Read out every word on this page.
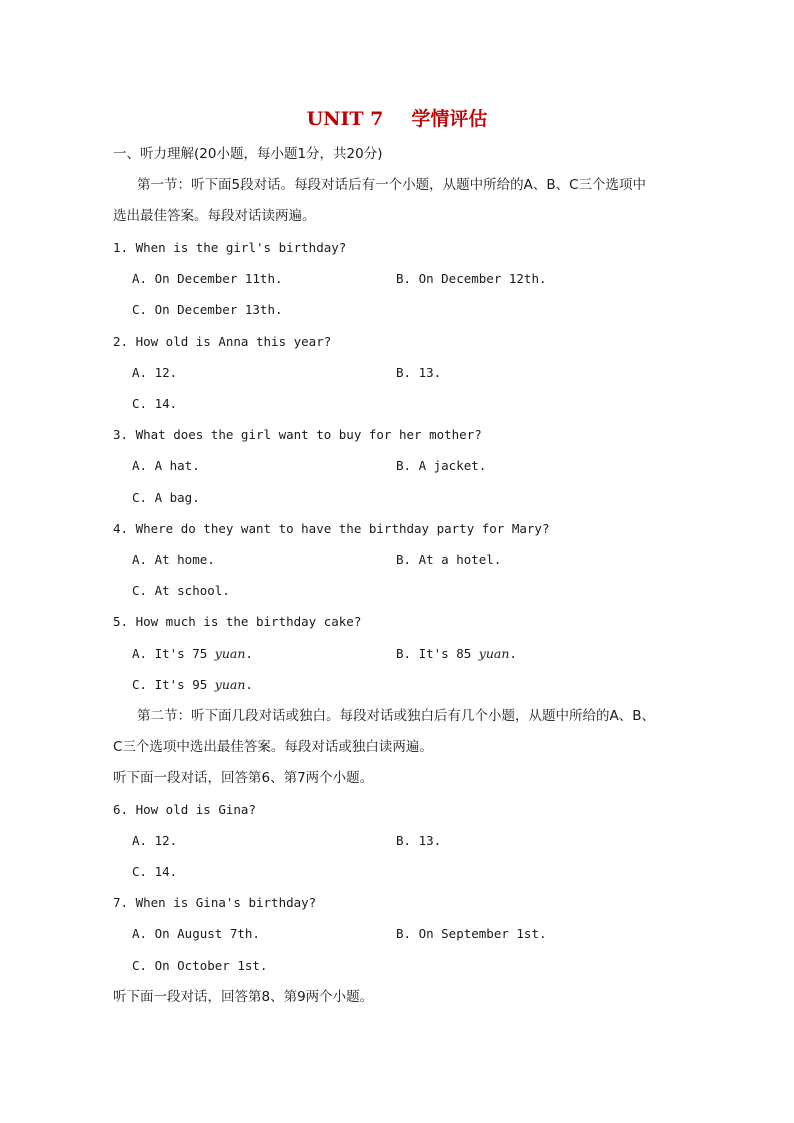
UNIT 7 学情评估
一、听力理解(20小题，每小题1分，共20分)
第一节：听下面5段对话。每段对话后有一个小题，从题中所给的A、B、C三个选项中
选出最佳答案。每段对话读两遍。
1. When is the girl's birthday?
A. On December 11th.	B. On December 12th.
C. On December 13th.
2. How old is Anna this year?
A. 12.	B. 13.
C. 14.
3. What does the girl want to buy for her mother?
A. A hat.	B. A jacket.
C. A bag.
4. Where do they want to have the birthday party for Mary?
A. At home.	B. At a hotel.
C. At school.
5. How much is the birthday cake?
A. It's 75 yuan.	B. It's 85 yuan.
C. It's 95 yuan.
第二节：听下面几段对话或独白。每段对话或独白后有几个小题，从题中所给的A、B、
C三个选项中选出最佳答案。每段对话或独白读两遍。
听下面一段对话，回答第6、第7两个小题。
6. How old is Gina?
A. 12.	B. 13.
C. 14.
7. When is Gina's birthday?
A. On August 7th.	B. On September 1st.
C. On October 1st.
听下面一段对话，回答第8、第9两个小题。
